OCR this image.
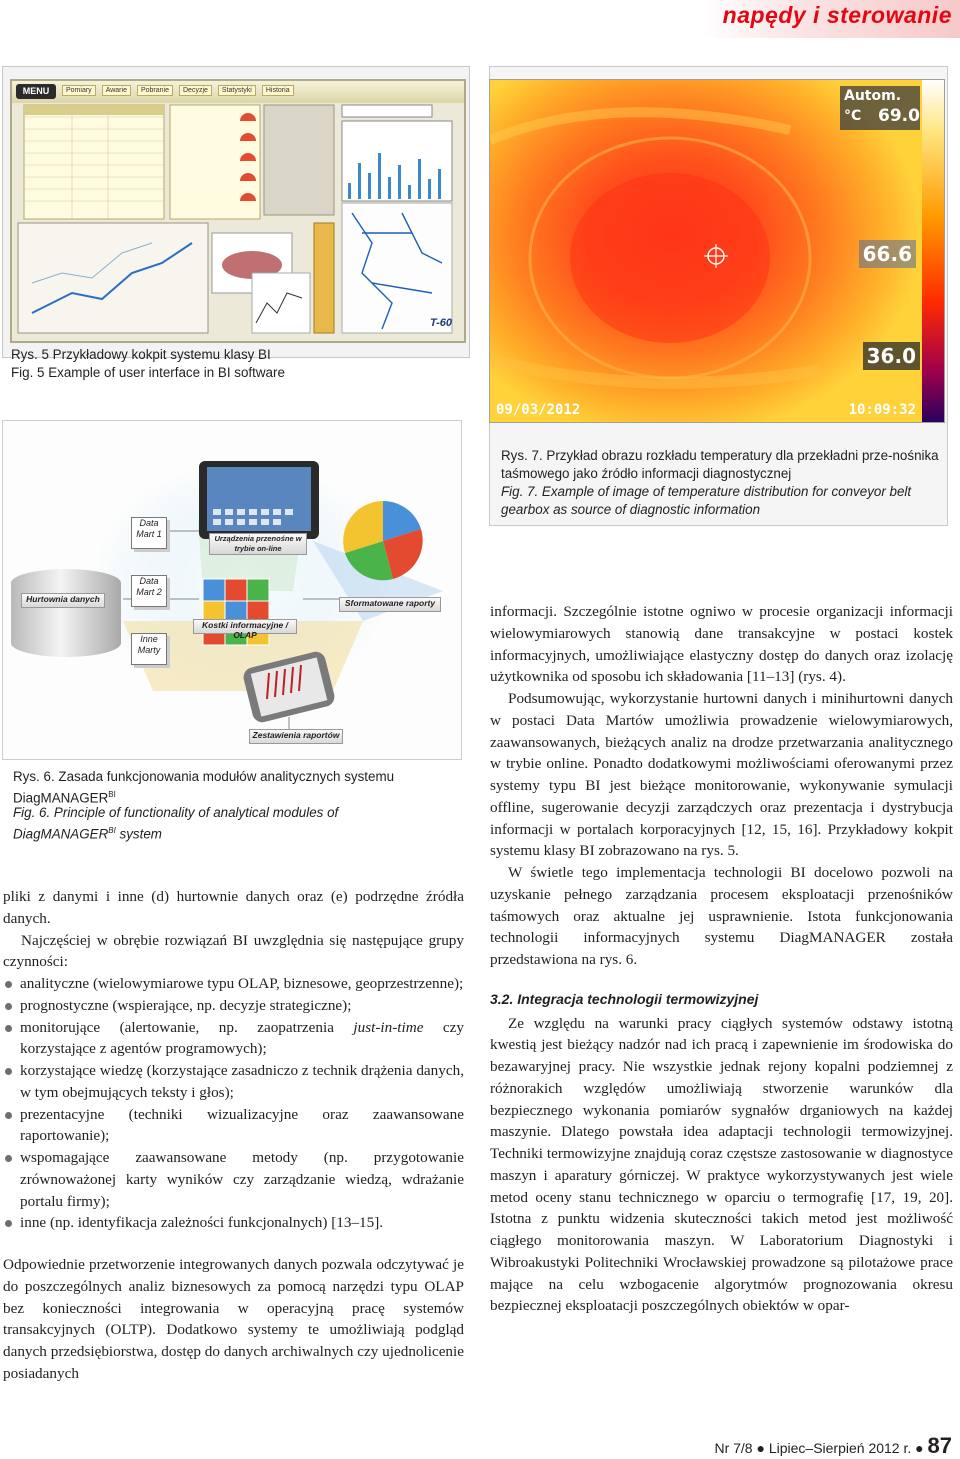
napędy i sterowanie
MENU	Pomiary Awarie Pobranie Decyzje Statystyki Historia
T-60
Rys. 5 Przykładowy kokpit systemu klasy BI
Fig. 5 Example of user interface in BI software
Autom.
°C 69.0
66.6
36.0
09/03/2012	10:09:32
Rys. 7. Przykład obrazu rozkładu temperatury dla przekładni prze-nośnika taśmowego jako źródło informacji diagnostycznej
Fig. 7. Example of image of temperature distribution for conveyor belt gearbox as source of diagnostic information
Hurtownia danych
Data Mart 1
Data Mart 2
Inne Marty
Urządzenia przenośne w trybie on-line
Sformatowane raporty
Kostki informacyjne / OLAP
Zestawienia raportów
Rys. 6. Zasada funkcjonowania modułów analitycznych systemu
DiagMANAGER$^{BI}$
Fig. 6. Principle of functionality of analytical modules of
DiagMANAGER$^{BI}$ system

pliki z danymi i inne (d) hurtownie danych oraz (e) podrzędne źródła danych.

Najczęściej w obrębie rozwiązań BI uwzględnia się następujące grupy czynności:

analityczne (wielowymiarowe typu OLAP, biznesowe, geoprzestrzenne);
prognostyczne (wspierające, np. decyzje strategiczne);
monitorujące (alertowanie, np. zaopatrzenia just-in-time czy korzystające z agentów programowych);
korzystające wiedzę (korzystające zasadniczo z technik drążenia danych, w tym obejmujących teksty i głos);
prezentacyjne (techniki wizualizacyjne oraz zaawansowane raportowanie);
wspomagające zaawansowane metody (np. przygotowanie zrównoważonej karty wyników czy zarządzanie wiedzą, wdrażanie portalu firmy);
inne (np. identyfikacja zależności funkcjonalnych) [13–15].

Odpowiednie przetworzenie integrowanych danych pozwala odczytywać je do poszczególnych analiz biznesowych za pomocą narzędzi typu OLAP bez konieczności integrowania w operacyjną pracę systemów transakcyjnych (OLTP). Dodatkowo systemy te umożliwiają podgląd danych przedsiębiorstwa, dostęp do danych archiwalnych czy ujednolicenie posiadanych

informacji. Szczególnie istotne ogniwo w procesie organizacji informacji wielowymiarowych stanowią dane transakcyjne w postaci kostek informacyjnych, umożliwiające elastyczny dostęp do danych oraz izolację użytkownika od sposobu ich składowania [11–13] (rys. 4).

Podsumowując, wykorzystanie hurtowni danych i minihurtowni danych w postaci Data Martów umożliwia prowadzenie wielowymiarowych, zaawansowanych, bieżących analiz na drodze przetwarzania analitycznego w trybie online. Ponadto dodatkowymi możliwościami oferowanymi przez systemy typu BI jest bieżące monitorowanie, wykonywanie symulacji offline, sugerowanie decyzji zarządczych oraz prezentacja i dystrybucja informacji w portalach korporacyjnych [12, 15, 16]. Przykładowy kokpit systemu klasy BI zobrazowano na rys. 5.

W świetle tego implementacja technologii BI docelowo pozwoli na uzyskanie pełnego zarządzania procesem eksploatacji przenośników taśmowych oraz aktualne jej usprawnienie. Istota funkcjonowania technologii informacyjnych systemu DiagMANAGER została przedstawiona na rys. 6.

3.2. Integracja technologii termowizyjnej

Ze względu na warunki pracy ciągłych systemów odstawy istotną kwestią jest bieżący nadzór nad ich pracą i zapewnienie im środowiska do bezawaryjnej pracy. Nie wszystkie jednak rejony kopalni podziemnej z różnorakich względów umożliwiają stworzenie warunków dla bezpiecznego wykonania pomiarów sygnałów drganiowych na każdej maszynie. Dlatego powstała idea adaptacji technologii termowizyjnej. Techniki termowizyjne znajdują coraz częstsze zastosowanie w diagnostyce maszyn i aparatury górniczej. W praktyce wykorzystywanych jest wiele metod oceny stanu technicznego w oparciu o termografię [17, 19, 20]. Istotna z punktu widzenia skuteczności takich metod jest możliwość ciągłego monitorowania maszyn. W Laboratorium Diagnostyki i Wibroakustyki Politechniki Wrocławskiej prowadzone są pilotażowe prace mające na celu wzbogacenie algorytmów prognozowania okresu bezpiecznej eksploatacji poszczególnych obiektów w opar-

Nr 7/8 ● Lipiec–Sierpień 2012 r. ● 87
